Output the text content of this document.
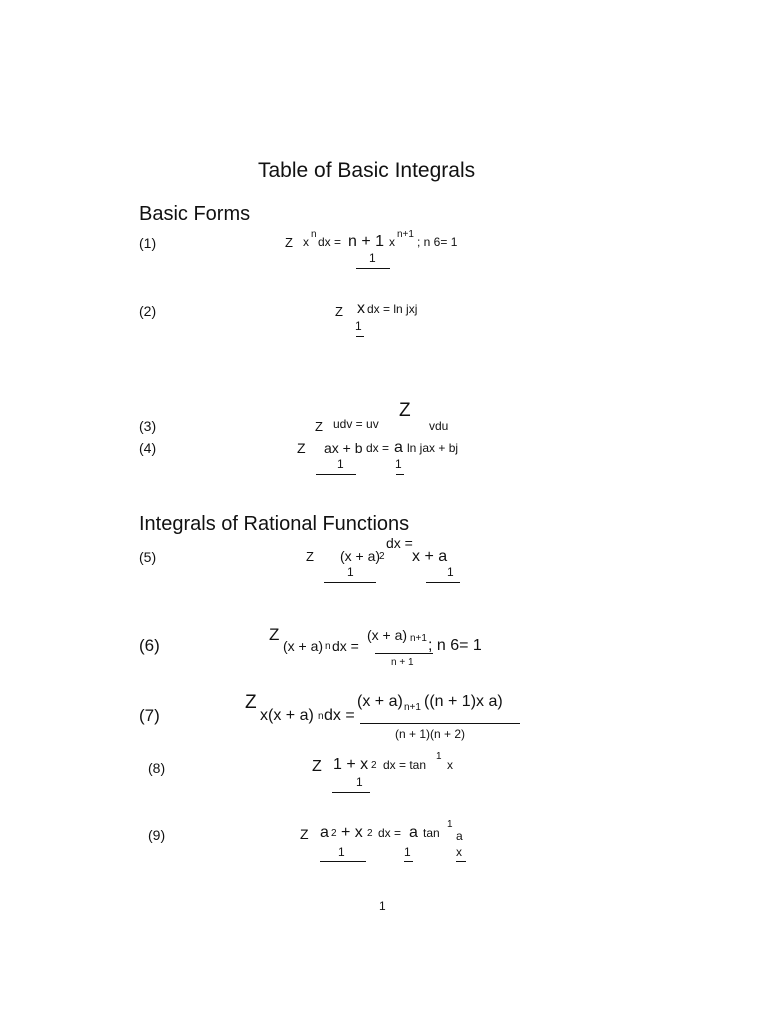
Table of Basic Integrals
Basic Forms
(1)	Z x
n
dx = n + 1 x
n+1
; n 6= 1
1
(2)	Z x dx = ln jxj
1
(3)	Z udv = uv
Z
vdu
(4)	Z ax + b dx = a ln jax + bj
1	1
Integrals of Rational Functions
(5)	Z (x + a)
2
dx =
x + a
1	1
(6)
Z
(x + a) n dx =
(x + a) n+1 ; n 6= 1
n + 1
(7)
Z
x(x + a) n dx =
(x + a) n+1 ((n + 1)x a)
(n + 1)(n + 2)
(8)	Z 1 + x 2 dx = tan
1
x
1
(9)	Z a 2 + x 2 dx = a tan
1
a
1	1	x
1
